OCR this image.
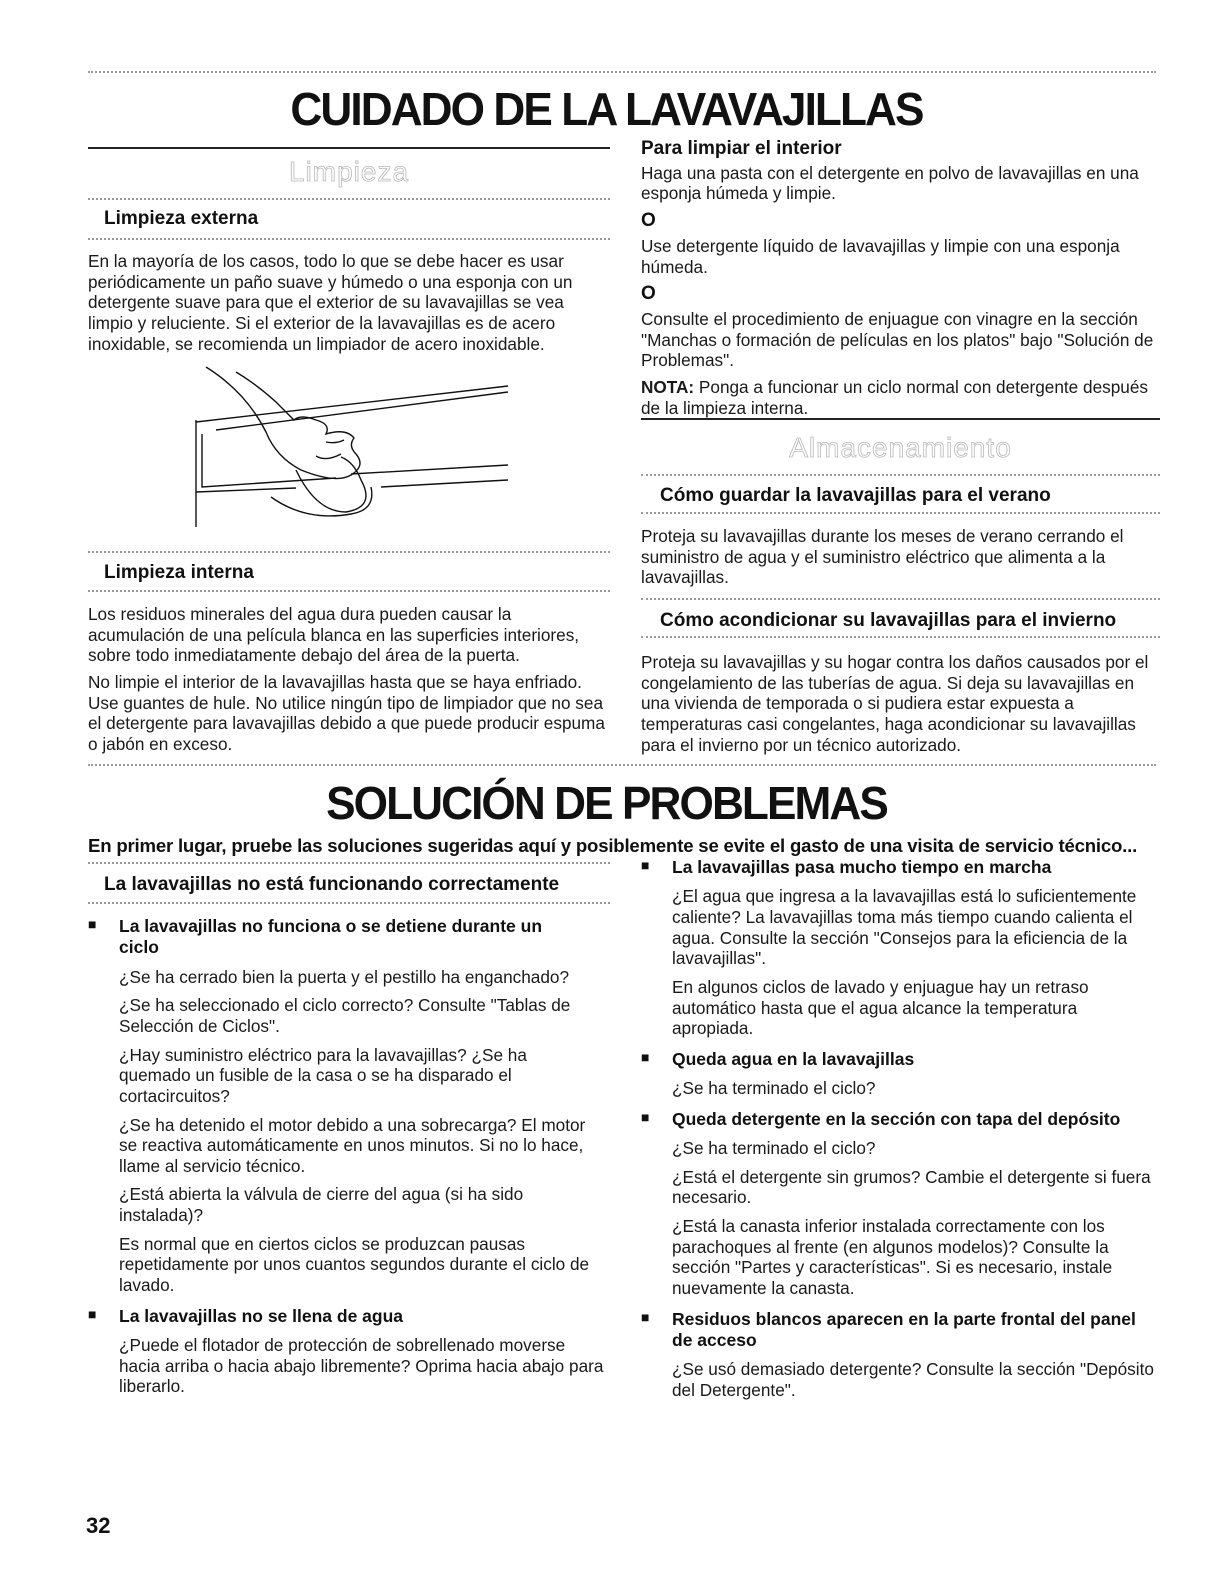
CUIDADO DE LA LAVAVAJILLAS
Limpieza
Limpieza externa

En la mayoría de los casos, todo lo que se debe hacer es usar periódicamente un paño suave y húmedo o una esponja con un detergente suave para que el exterior de su lavavajillas se vea limpio y reluciente. Si el exterior de la lavavajillas es de acero inoxidable, se recomienda un limpiador de acero inoxidable.

Limpieza interna

Los residuos minerales del agua dura pueden causar la acumulación de una película blanca en las superficies interiores, sobre todo inmediatamente debajo del área de la puerta.

No limpie el interior de la lavavajillas hasta que se haya enfriado. Use guantes de hule. No utilice ningún tipo de limpiador que no sea el detergente para lavavajillas debido a que puede producir espuma o jabón en exceso.

Para limpiar el interior

Haga una pasta con el detergente en polvo de lavavajillas en una esponja húmeda y limpie.

O

Use detergente líquido de lavavajillas y limpie con una esponja húmeda.

O

Consulte el procedimiento de enjuague con vinagre en la sección "Manchas o formación de películas en los platos" bajo "Solución de Problemas".

NOTA: Ponga a funcionar un ciclo normal con detergente después de la limpieza interna.

Almacenamiento
Cómo guardar la lavavajillas para el verano

Proteja su lavavajillas durante los meses de verano cerrando el suministro de agua y el suministro eléctrico que alimenta a la lavavajillas.

Cómo acondicionar su lavavajillas para el invierno

Proteja su lavavajillas y su hogar contra los daños causados por el congelamiento de las tuberías de agua. Si deja su lavavajillas en una vivienda de temporada o si pudiera estar expuesta a temperaturas casi congelantes, haga acondicionar su lavavajillas para el invierno por un técnico autorizado.

SOLUCIÓN DE PROBLEMAS
En primer lugar, pruebe las soluciones sugeridas aquí y posiblemente se evite el gasto de una visita de servicio técnico...
La lavavajillas no está funcionando correctamente
■ La lavavajillas no funciona o se detiene durante un ciclo

¿Se ha cerrado bien la puerta y el pestillo ha enganchado?

¿Se ha seleccionado el ciclo correcto? Consulte "Tablas de Selección de Ciclos".

¿Hay suministro eléctrico para la lavavajillas? ¿Se ha quemado un fusible de la casa o se ha disparado el cortacircuitos?

¿Se ha detenido el motor debido a una sobrecarga? El motor se reactiva automáticamente en unos minutos. Si no lo hace, llame al servicio técnico.

¿Está abierta la válvula de cierre del agua (si ha sido instalada)?

Es normal que en ciertos ciclos se produzcan pausas repetidamente por unos cuantos segundos durante el ciclo de lavado.

■ La lavavajillas no se llena de agua

¿Puede el flotador de protección de sobrellenado moverse hacia arriba o hacia abajo libremente? Oprima hacia abajo para liberarlo.

■ La lavavajillas pasa mucho tiempo en marcha

¿El agua que ingresa a la lavavajillas está lo suficientemente caliente? La lavavajillas toma más tiempo cuando calienta el agua. Consulte la sección "Consejos para la eficiencia de la lavavajillas".

En algunos ciclos de lavado y enjuague hay un retraso automático hasta que el agua alcance la temperatura apropiada.

■ Queda agua en la lavavajillas

¿Se ha terminado el ciclo?

■ Queda detergente en la sección con tapa del depósito

¿Se ha terminado el ciclo?

¿Está el detergente sin grumos? Cambie el detergente si fuera necesario.

¿Está la canasta inferior instalada correctamente con los parachoques al frente (en algunos modelos)? Consulte la sección "Partes y características". Si es necesario, instale nuevamente la canasta.

■ Residuos blancos aparecen en la parte frontal del panel de acceso

¿Se usó demasiado detergente? Consulte la sección "Depósito del Detergente".

32
